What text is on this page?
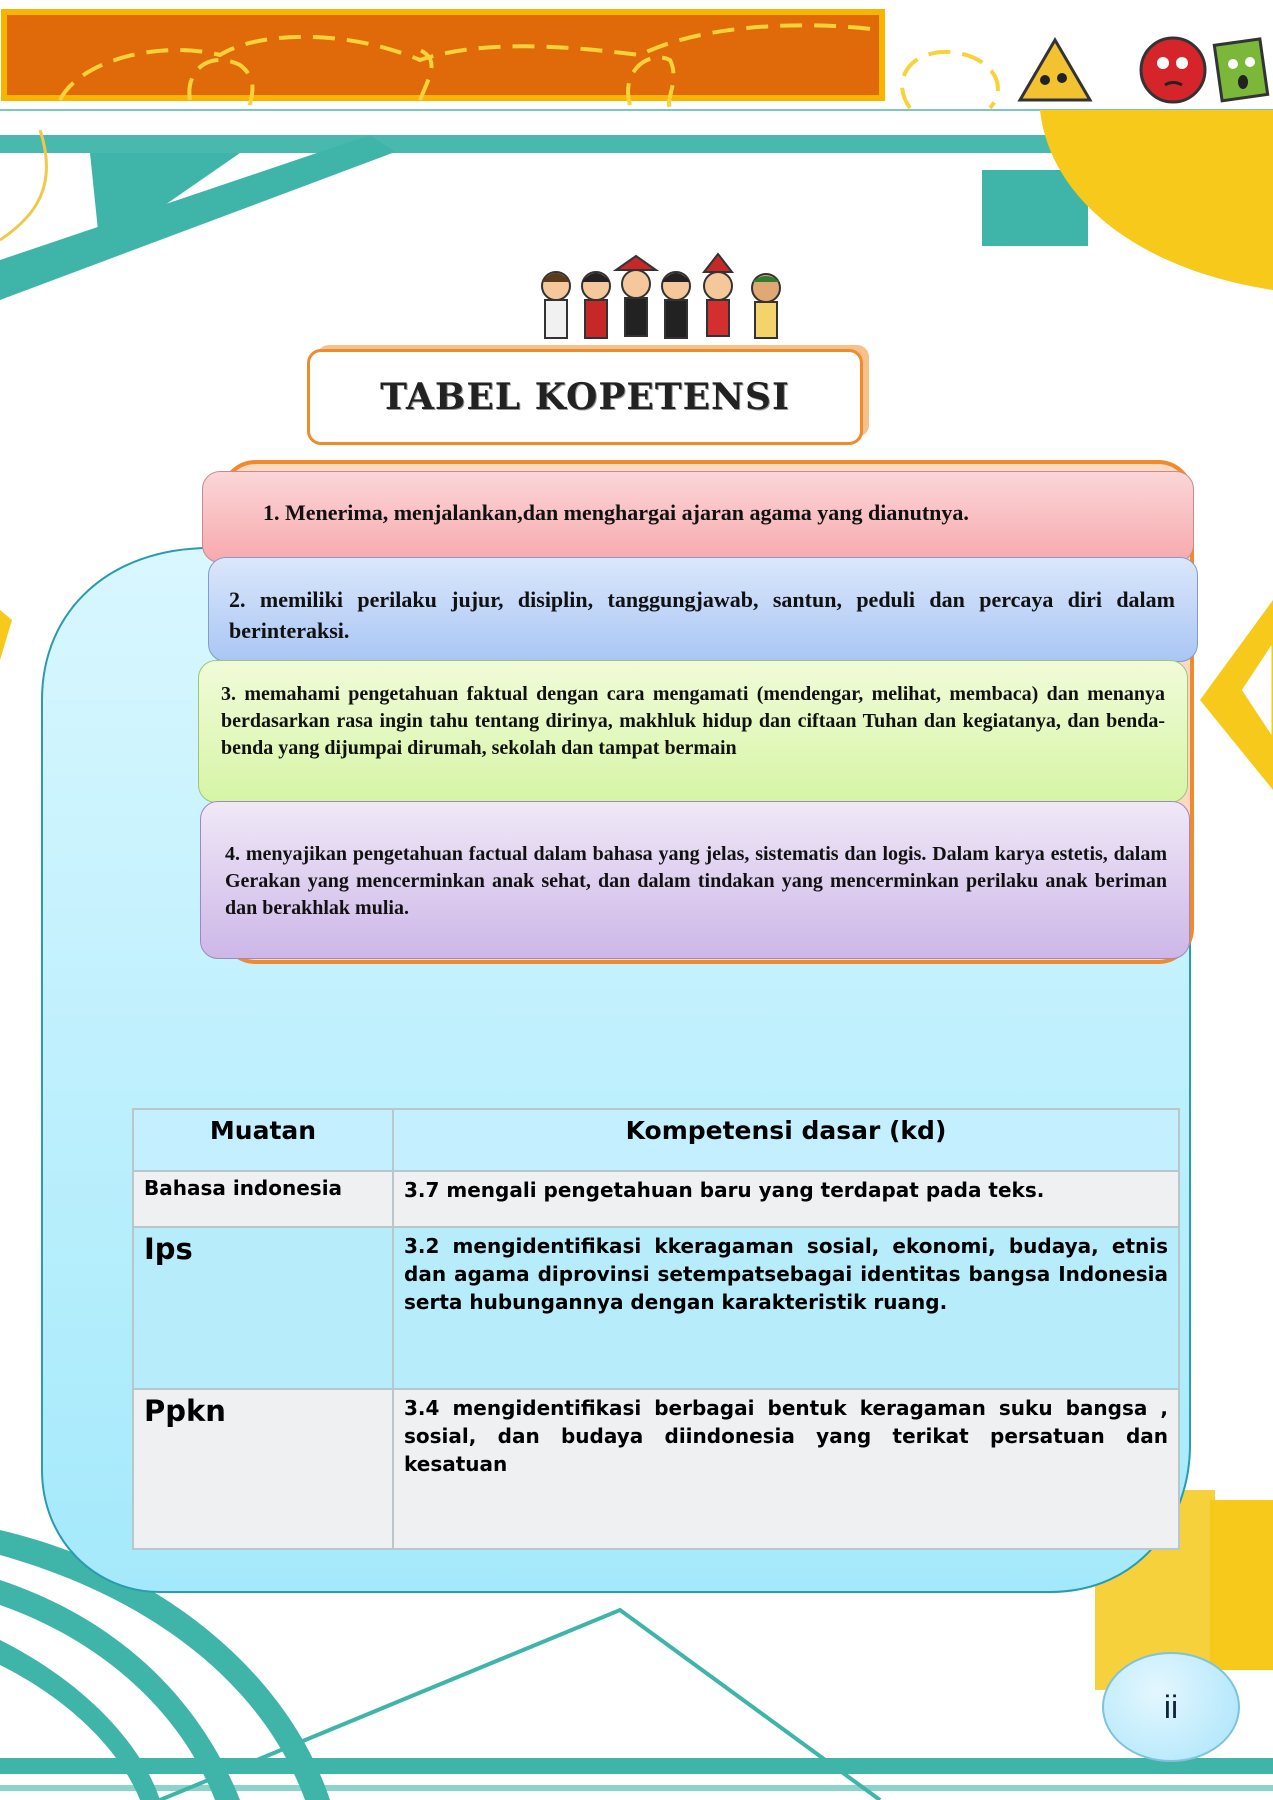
TABEL KOPETENSI
1. Menerima, menjalankan,dan menghargai ajaran agama yang dianutnya.
2. memiliki perilaku jujur, disiplin, tanggungjawab, santun, peduli dan percaya diri dalam berinteraksi.
3. memahami pengetahuan faktual dengan cara mengamati (mendengar, melihat, membaca) dan menanya berdasarkan rasa ingin tahu tentang dirinya, makhluk hidup dan ciftaan Tuhan dan kegiatanya, dan benda-benda yang dijumpai dirumah, sekolah dan tampat bermain
4. menyajikan pengetahuan factual dalam bahasa yang jelas, sistematis dan logis. Dalam karya estetis, dalam Gerakan yang mencerminkan anak sehat, dan dalam tindakan yang mencerminkan perilaku anak beriman dan berakhlak mulia.
Muatan	Kompetensi dasar (kd)
Bahasa indonesia	3.7 mengali pengetahuan baru yang terdapat pada teks.

Ips	3.2 mengidentifikasi kkeragaman sosial, ekonomi, budaya, etnis dan agama diprovinsi setempatsebagai identitas bangsa Indonesia serta hubungannya dengan karakteristik ruang.

Ppkn	3.4 mengidentifikasi berbagai bentuk keragaman suku bangsa , sosial, dan budaya diindonesia yang terikat persatuan dan kesatuan
ii
